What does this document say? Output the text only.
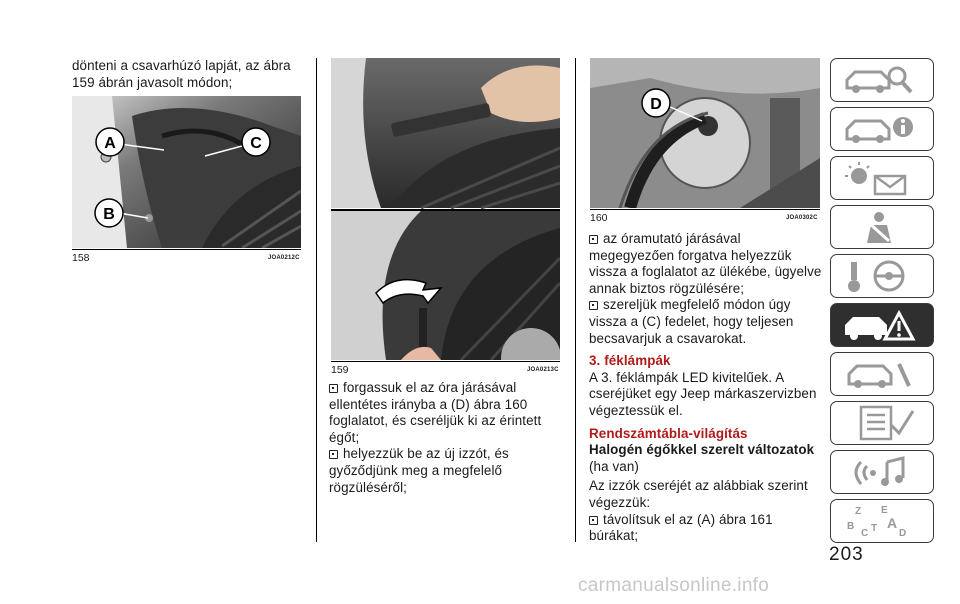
dönteni a csavarhúzó lapját, az ábra 159 ábrán javasolt módon;
A
B
C
158	JOA0212C
159	JOA0213C
forgassuk el az óra járásával ellentétes irányba a (D) ábra 160 foglalatot, és cseréljük ki az érintett égőt;
helyezzük be az új izzót, és győződjünk meg a megfelelő rögzüléséről;
D
160	JOA0302C
az óramutató járásával megegyezően forgatva helyezzük vissza a foglalatot az ülékébe, ügyelve annak biztos rögzülésére;
szereljük megfelelő módon úgy vissza a (C) fedelet, hogy teljesen becsavarjuk a csavarokat.
3. féklámpák
A 3. féklámpák LED kivitelűek. A cseréjüket egy Jeep márkaszervizben végeztessük el.
Rendszámtábla-világítás
Halogén égőkkel szerelt változatok (ha van)
Az izzók cseréjét az alábbiak szerint végezzük:
távolítsuk el az (A) ábra 161 búrákat;
Z E
B A
C T D
203
carmanualsonline.info
